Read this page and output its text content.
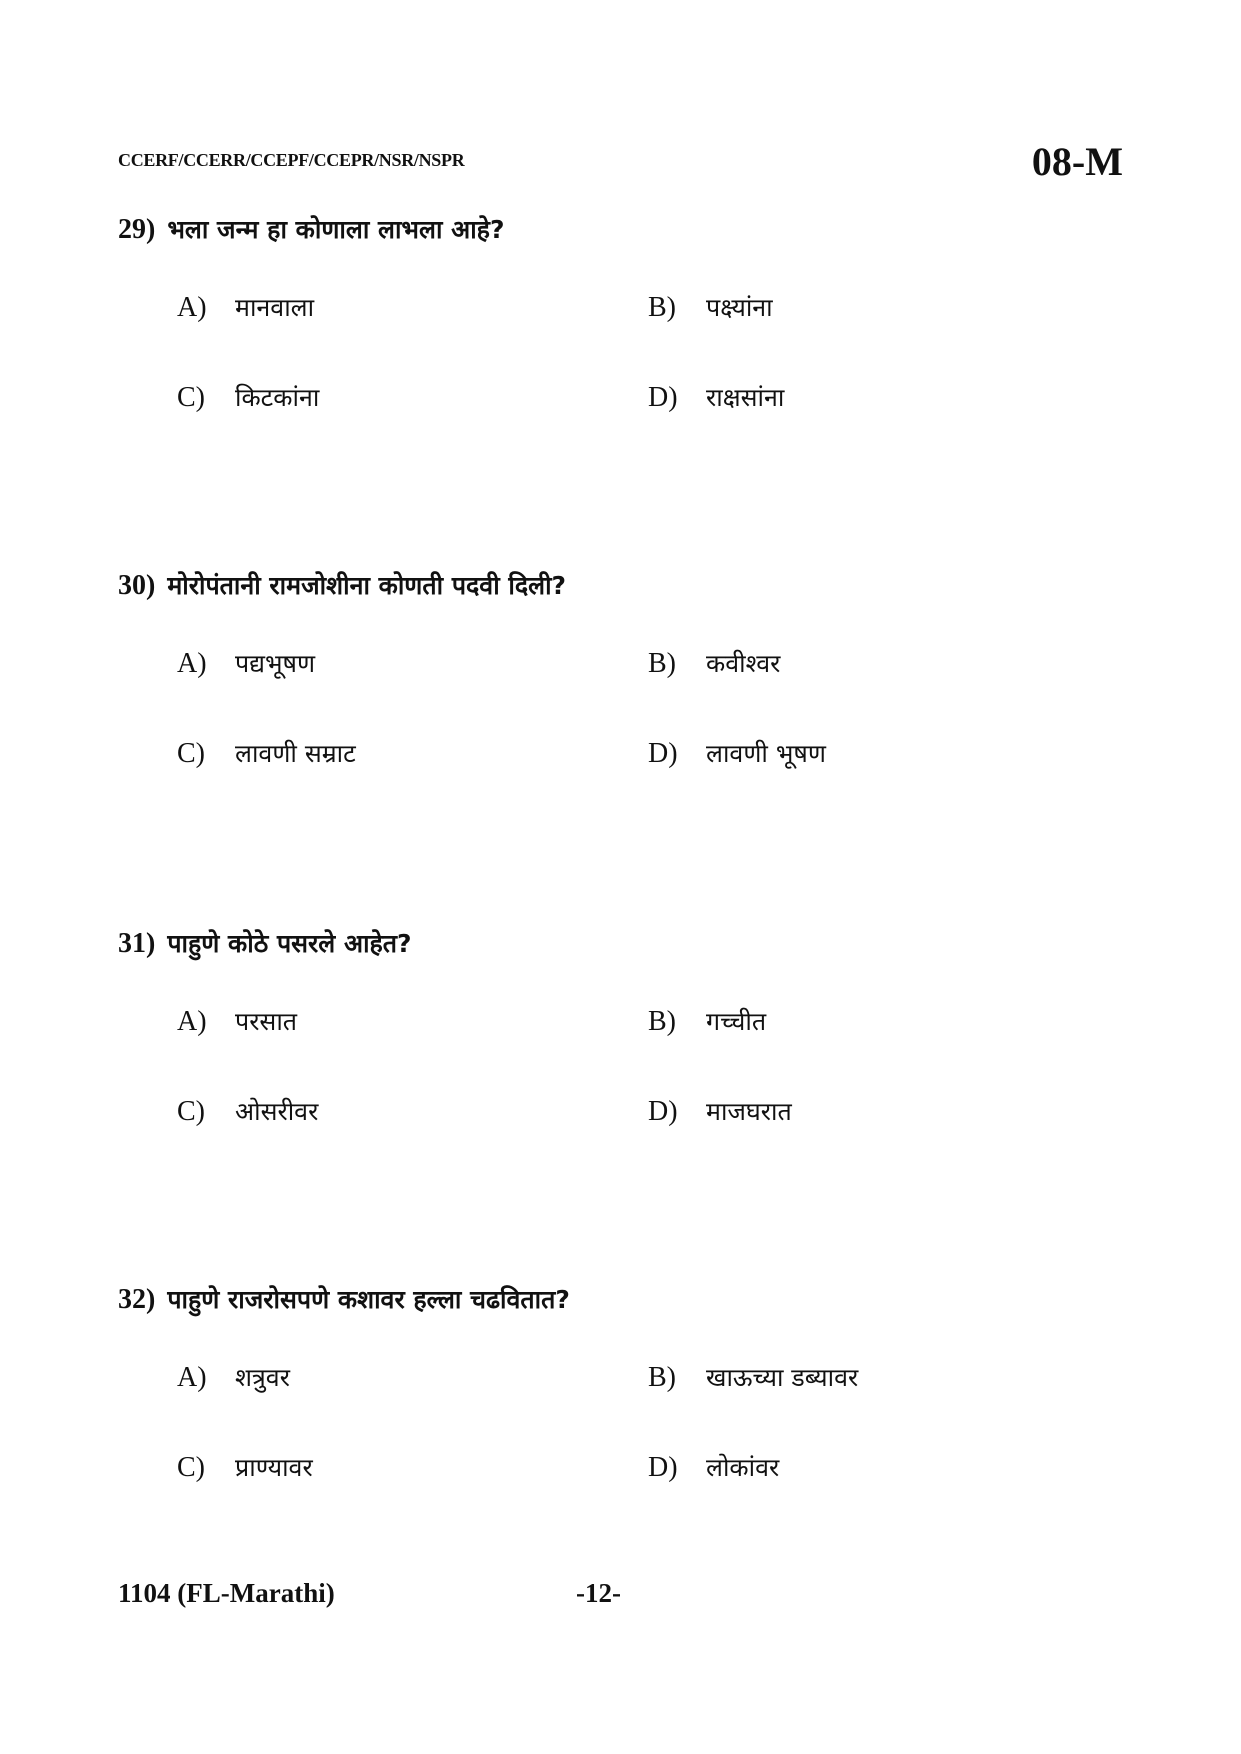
CCERF/CCERR/CCEPF/CCEPR/NSR/NSPR	08-M
29) भला जन्म हा कोणाला लाभला आहे?
A) मानवाला	B) पक्ष्यांना
C) किटकांना	D) राक्षसांना
30) मोरोपंतानी रामजोशीना कोणती पदवी दिली?
A) पद्यभूषण	B) कवीश्वर
C) लावणी सम्राट	D) लावणी भूषण
31) पाहुणे कोठे पसरले आहेत?
A) परसात	B) गच्चीत
C) ओसरीवर	D) माजघरात
32) पाहुणे राजरोसपणे कशावर हल्ला चढवितात?
A) शत्रुवर	B) खाऊच्या डब्यावर
C) प्राण्यावर	D) लोकांवर
1104 (FL-Marathi)	-12-
